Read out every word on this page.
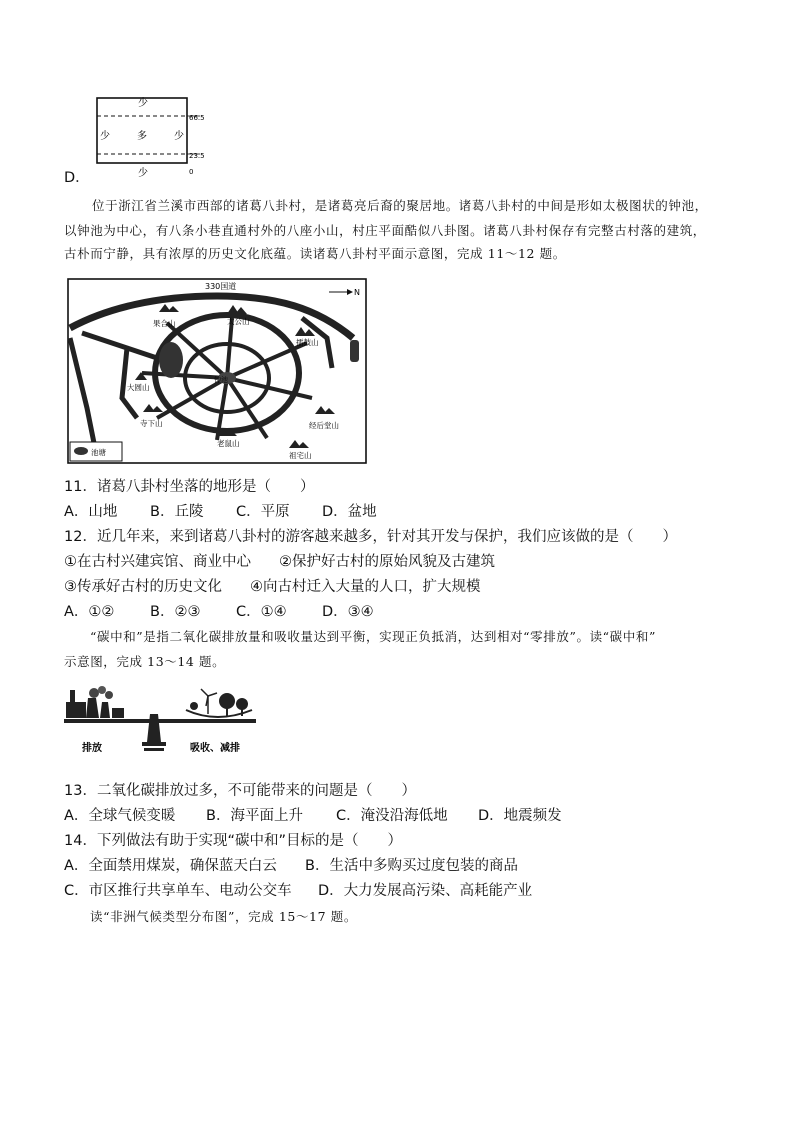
少
少	多	少
少
66.5
23.5
0
D．
位于浙江省兰溪市西部的诸葛八卦村，是诸葛亮后裔的聚居地。诸葛八卦村的中间是形如太极图状的钟池，
以钟池为中心，有八条小巷直通村外的八座小山，村庄平面酷似八卦图。诸葛八卦村保存有完整古村落的建筑，
古朴而宁静，具有浓厚的历史文化底蕴。读诸葛八卦村平面示意图，完成 11～12 题。
330国道
N
果合山	太公山
擂鼓山
大圆山
钟池
寺下山
老鼠山
经后堂山
祖宅山
池塘
11．诸葛八卦村坐落的地形是（　　）
A．山地 B．丘陵 C．平原 D．盆地
12．近几年来，来到诸葛八卦村的游客越来越多，针对其开发与保护，我们应该做的是（　　）
①在古村兴建宾馆、商业中心 ②保护好古村的原始风貌及古建筑
③传承好古村的历史文化 ④向古村迁入大量的人口，扩大规模
A．①② B．②③ C．①④ D．③④
“碳中和”是指二氧化碳排放量和吸收量达到平衡，实现正负抵消，达到相对“零排放”。读“碳中和”
示意图，完成 13～14 题。
排放	吸收、减排
13．二氧化碳排放过多，不可能带来的问题是（　　）
A．全球气候变暖 B．海平面上升 C．淹没沿海低地 D．地震频发
14．下列做法有助于实现“碳中和”目标的是（　　）
A．全面禁用煤炭，确保蓝天白云 B．生活中多购买过度包装的商品
C．市区推行共享单车、电动公交车 D．大力发展高污染、高耗能产业
读“非洲气候类型分布图”，完成 15～17 题。
